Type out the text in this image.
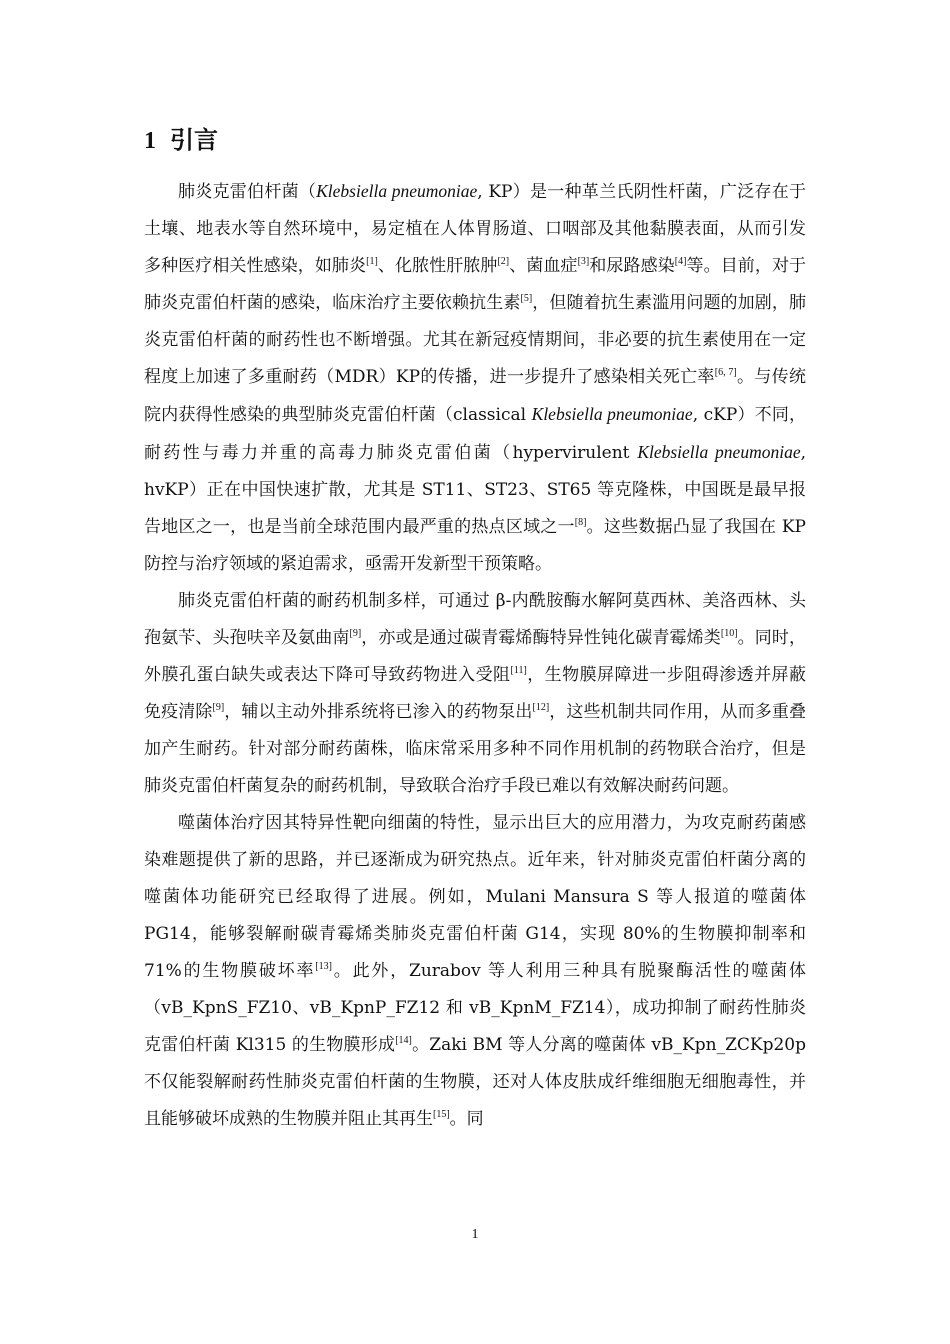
1 引言

肺炎克雷伯杆菌（Klebsiella pneumoniae, KP）是一种革兰氏阴性杆菌，广泛存在于土壤、地表水等自然环境中，易定植在人体胃肠道、口咽部及其他黏膜表面，从而引发多种医疗相关性感染，如肺炎[1]、化脓性肝脓肿[2]、菌血症[3]和尿路感染[4]等。目前，对于肺炎克雷伯杆菌的感染，临床治疗主要依赖抗生素[5]，但随着抗生素滥用问题的加剧，肺炎克雷伯杆菌的耐药性也不断增强。尤其在新冠疫情期间，非必要的抗生素使用在一定程度上加速了多重耐药（MDR）KP的传播，进一步提升了感染相关死亡率[6, 7]。与传统院内获得性感染的典型肺炎克雷伯杆菌（classical Klebsiella pneumoniae, cKP）不同，耐药性与毒力并重的高毒力肺炎克雷伯菌（hypervirulent Klebsiella pneumoniae, hvKP）正在中国快速扩散，尤其是 ST11、ST23、ST65 等克隆株，中国既是最早报告地区之一，也是当前全球范围内最严重的热点区域之一[8]。这些数据凸显了我国在 KP 防控与治疗领域的紧迫需求，亟需开发新型干预策略。

肺炎克雷伯杆菌的耐药机制多样，可通过 β-内酰胺酶水解阿莫西林、美洛西林、头孢氨苄、头孢呋辛及氨曲南[9]，亦或是通过碳青霉烯酶特异性钝化碳青霉烯类[10]。同时，外膜孔蛋白缺失或表达下降可导致药物进入受阻[11]，生物膜屏障进一步阻碍渗透并屏蔽免疫清除[9]，辅以主动外排系统将已渗入的药物泵出[12]，这些机制共同作用，从而多重叠加产生耐药。针对部分耐药菌株，临床常采用多种不同作用机制的药物联合治疗，但是肺炎克雷伯杆菌复杂的耐药机制，导致联合治疗手段已难以有效解决耐药问题。

噬菌体治疗因其特异性靶向细菌的特性，显示出巨大的应用潜力，为攻克耐药菌感染难题提供了新的思路，并已逐渐成为研究热点。近年来，针对肺炎克雷伯杆菌分离的噬菌体功能研究已经取得了进展。例如，Mulani Mansura S 等人报道的噬菌体 PG14，能够裂解耐碳青霉烯类肺炎克雷伯杆菌 G14，实现 80%的生物膜抑制率和 71%的生物膜破坏率[13]。此外，Zurabov 等人利用三种具有脱聚酶活性的噬菌体（vB_KpnS_FZ10、vB_KpnP_FZ12 和 vB_KpnM_FZ14），成功抑制了耐药性肺炎克雷伯杆菌 Kl315 的生物膜形成[14]。Zaki BM 等人分离的噬菌体 vB_Kpn_ZCKp20p 不仅能裂解耐药性肺炎克雷伯杆菌的生物膜，还对人体皮肤成纤维细胞无细胞毒性，并且能够破坏成熟的生物膜并阻止其再生[15]。同

1
